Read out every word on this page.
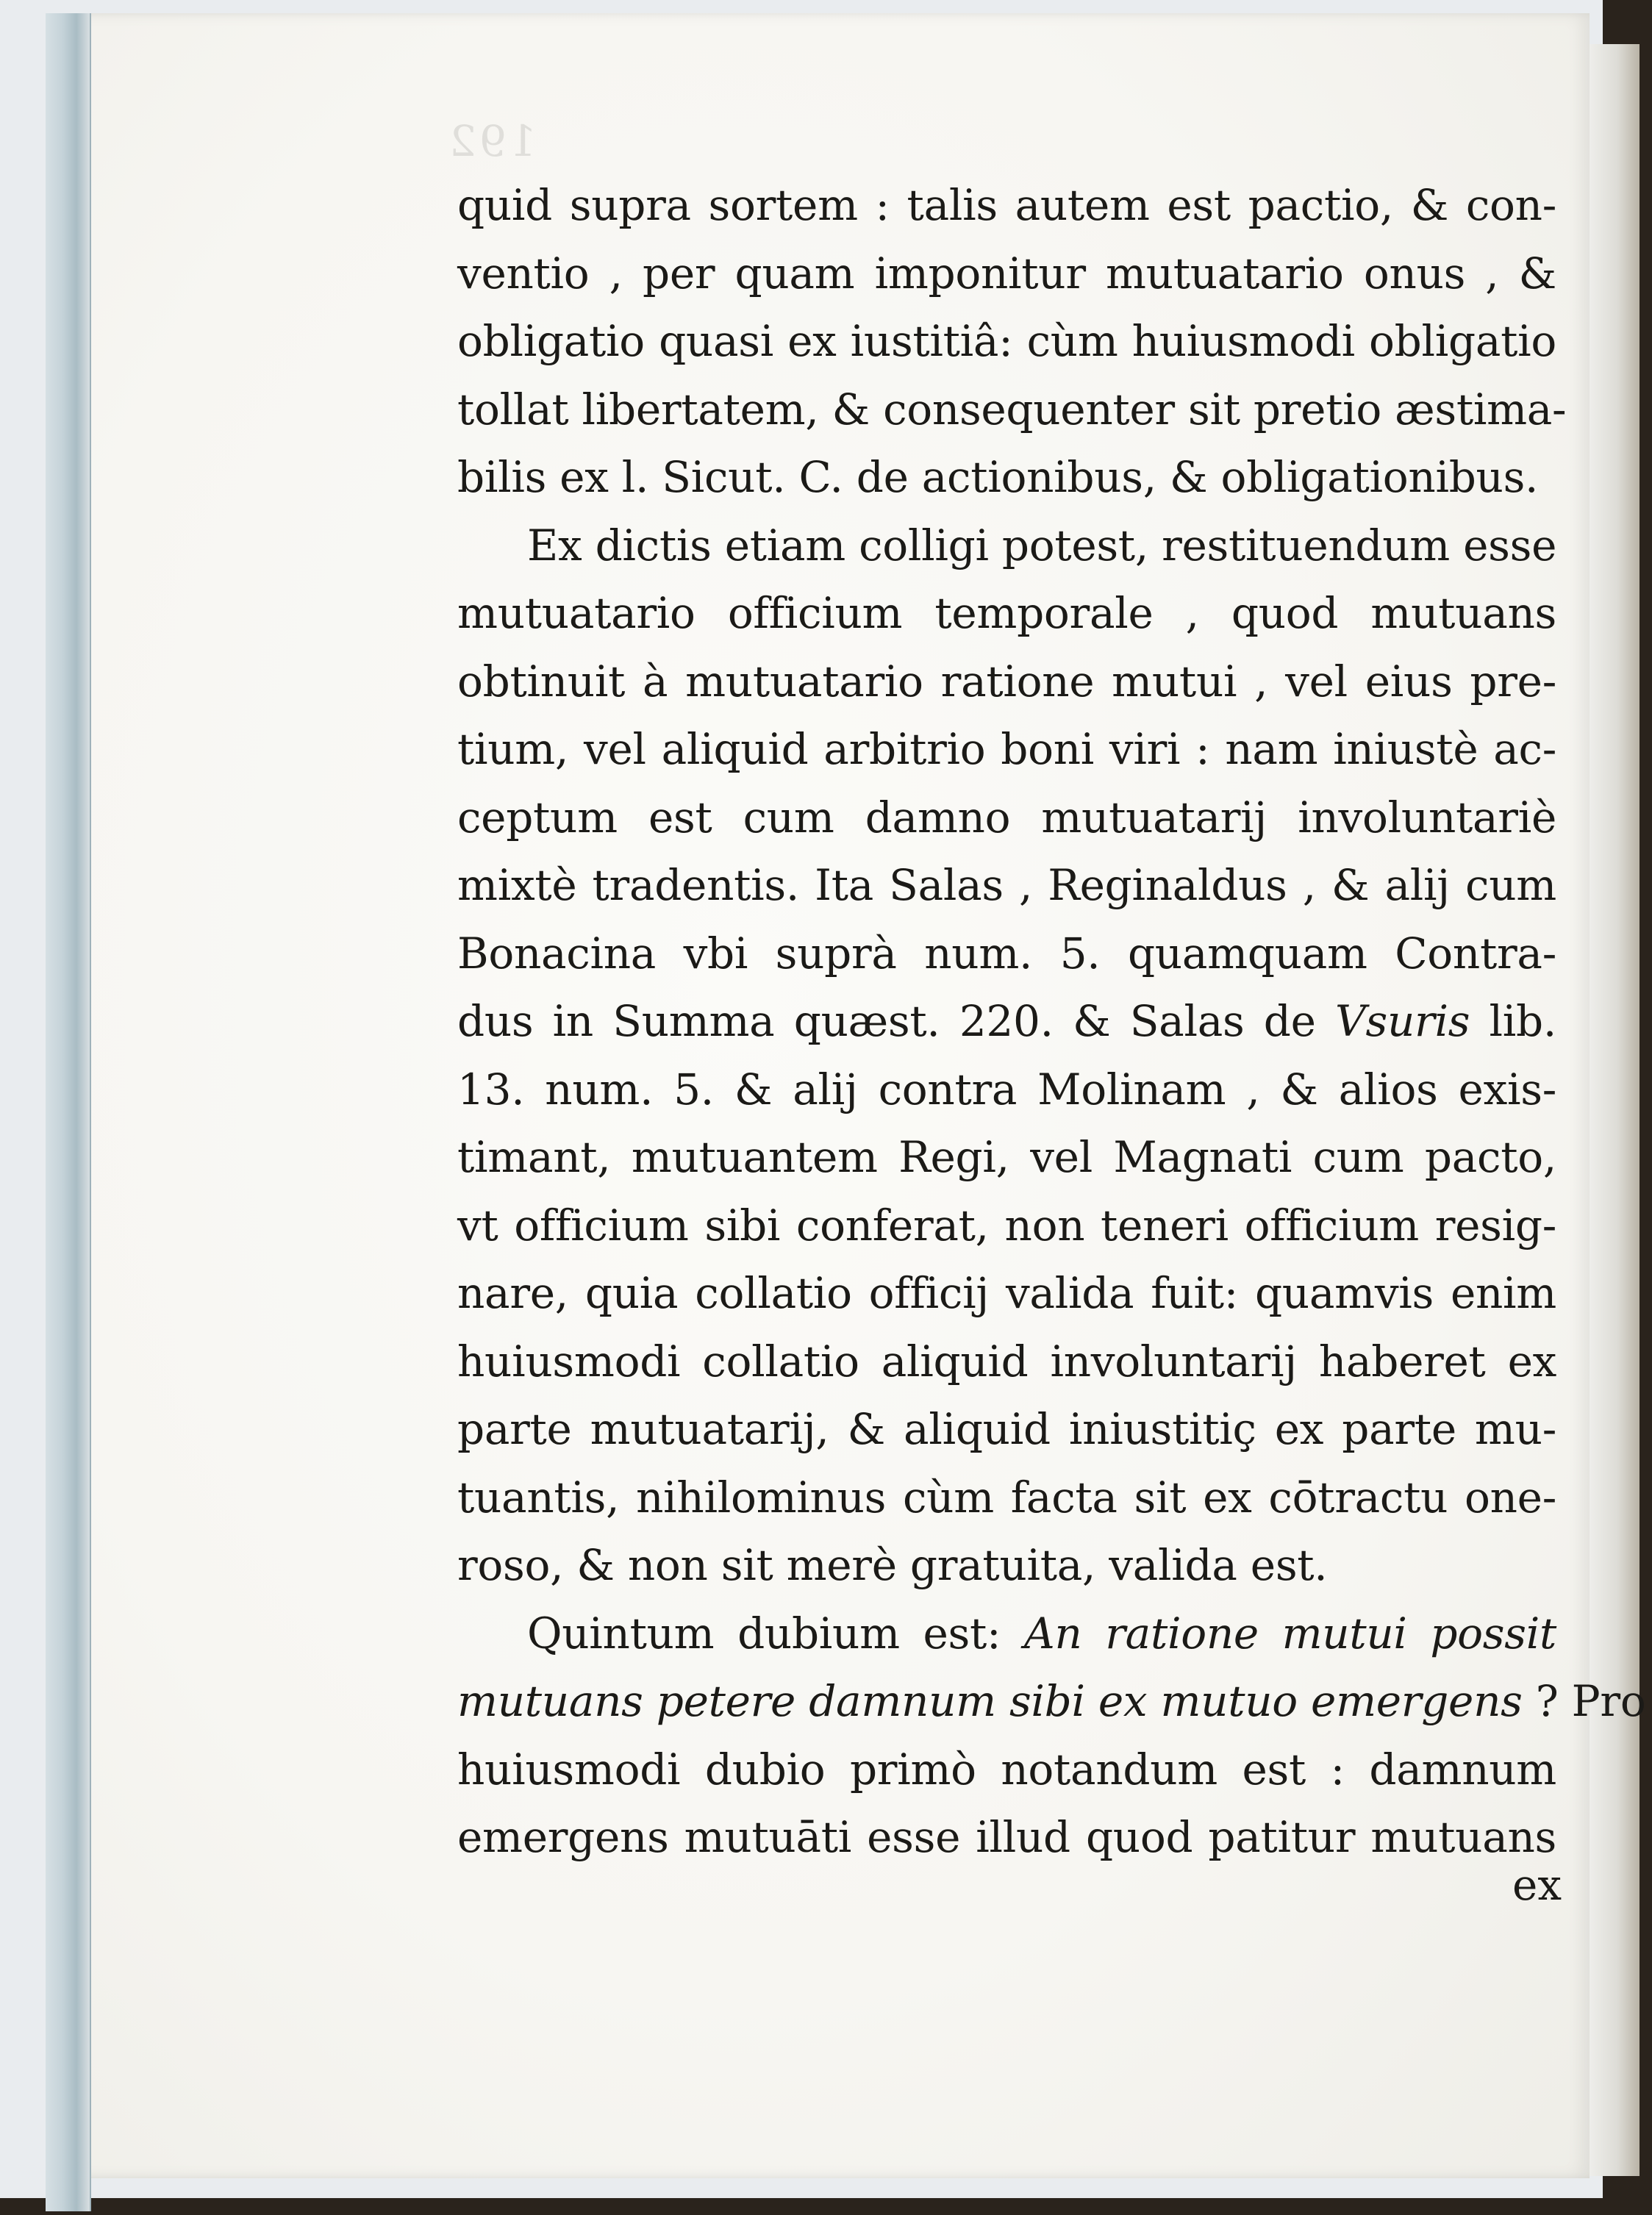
192
quid supra sortem : talis autem est pactio, & con-
ventio , per quam imponitur mutuatario onus , &
obligatio quasi ex iustitiâ: cùm huiusmodi obligatio
tollat libertatem, & consequenter sit pretio æstima-
bilis ex l. Sicut. C. de actionibus, & obligationibus.
Ex dictis etiam colligi potest, restituendum esse
mutuatario officium temporale , quod mutuans
obtinuit à mutuatario ratione mutui , vel eius pre-
tium, vel aliquid arbitrio boni viri : nam iniustè ac-
ceptum est cum damno mutuatarij involuntariè
mixtè tradentis. Ita Salas , Reginaldus , & alij cum
Bonacina vbi suprà num. 5. quamquam Contra-
dus in Summa quæst. 220. & Salas de Vsuris lib.
13. num. 5. & alij contra Molinam , & alios exis-
timant, mutuantem Regi, vel Magnati cum pacto,
vt officium sibi conferat, non teneri officium resig-
nare, quia collatio officij valida fuit: quamvis enim
huiusmodi collatio aliquid involuntarij haberet ex
parte mutuatarij, & aliquid iniustitiç ex parte mu-
tuantis, nihilominus cùm facta sit ex cōtractu one-
roso, & non sit merè gratuita, valida est.
Quintum dubium est: An ratione mutui possit
mutuans petere damnum sibi ex mutuo emergens ? Pro
huiusmodi dubio primò notandum est : damnum
emergens mutuāti esse illud quod patitur mutuans
ex
